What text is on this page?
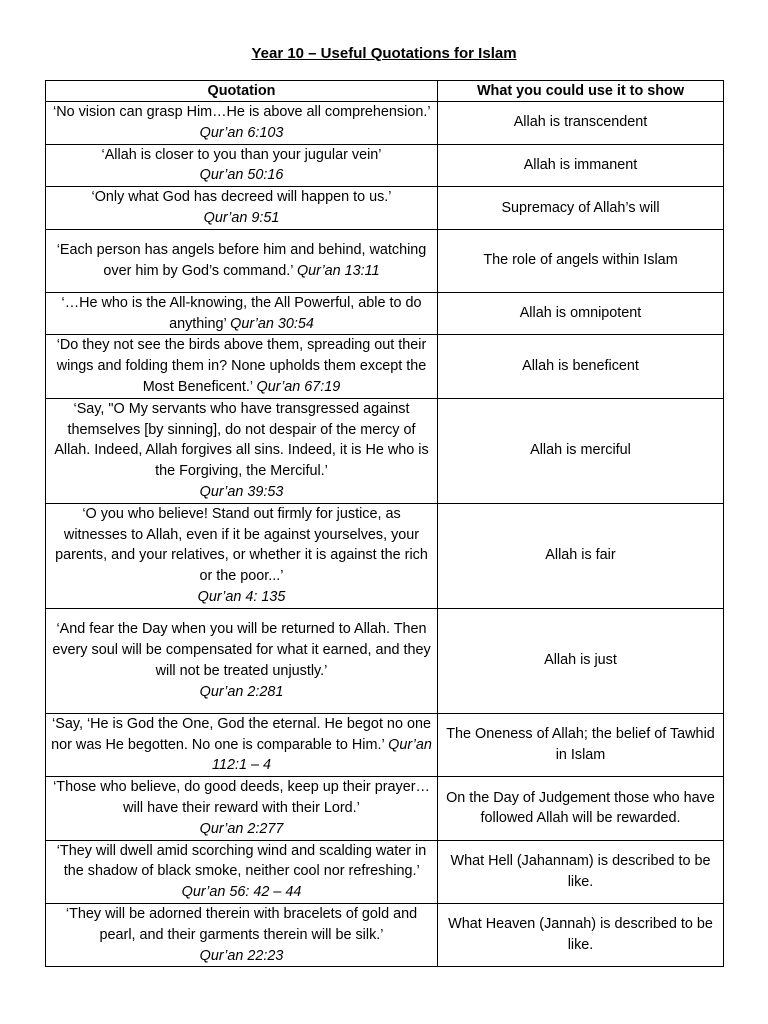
Year 10 – Useful Quotations for Islam
Quotation	What you could use it to show
‘No vision can grasp Him…He is above all comprehension.’ Qur’an 6:103	Allah is transcendent

‘Allah is closer to you than your jugular vein’
Qur’an 50:16	Allah is immanent

‘Only what God has decreed will happen to us.’
Qur’an 9:51	Supremacy of Allah’s will
‘Each person has angels before him and behind, watching over him by God’s command.’ Qur’an 13:11	The role of angels within Islam
‘…He who is the All-knowing, the All Powerful, able to do anything’ Qur’an 30:54	Allah is omnipotent
‘Do they not see the birds above them, spreading out their wings and folding them in? None upholds them except the Most Beneficent.’ Qur’an 67:19	Allah is beneficent

‘Say, "O My servants who have transgressed against themselves [by sinning], do not despair of the mercy of Allah. Indeed, Allah forgives all sins. Indeed, it is He who is the Forgiving, the Merciful.’
Qur’an 39:53	Allah is merciful

‘O you who believe! Stand out firmly for justice, as witnesses to Allah, even if it be against yourselves, your parents, and your relatives, or whether it is against the rich or the poor...’
Qur’an 4: 135	Allah is fair

‘And fear the Day when you will be returned to Allah. Then every soul will be compensated for what it earned, and they will not be treated unjustly.’
Qur’an 2:281	Allah is just
‘Say, ‘He is God the One, God the eternal. He begot no one nor was He begotten. No one is comparable to Him.’ Qur’an 112:1 – 4	The Oneness of Allah; the belief of Tawhid in Islam

‘Those who believe, do good deeds, keep up their prayer…will have their reward with their Lord.’
Qur’an 2:277	On the Day of Judgement those who have followed Allah will be rewarded.
‘They will dwell amid scorching wind and scalding water in the shadow of black smoke, neither cool nor refreshing.’ Qur’an 56: 42 – 44	What Hell (Jahannam) is described to be like.

‘They will be adorned therein with bracelets of gold and pearl, and their garments therein will be silk.’
Qur’an 22:23	What Heaven (Jannah) is described to be like.
